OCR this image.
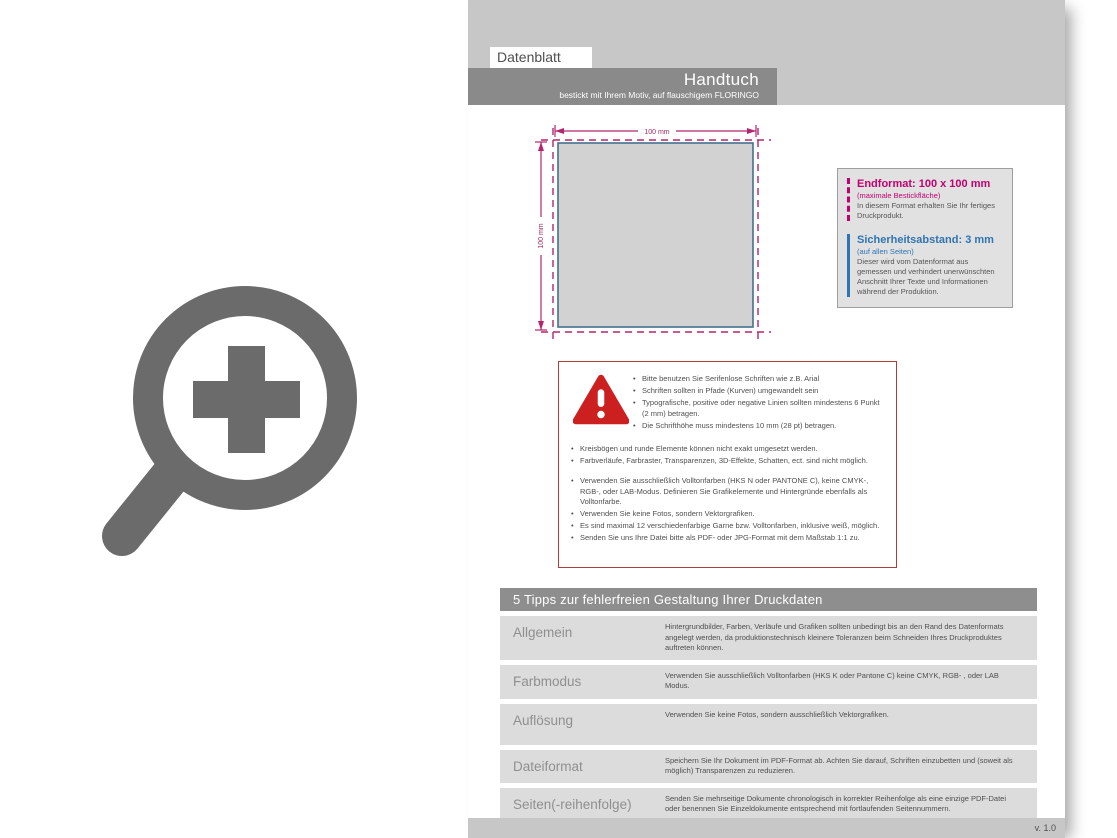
Datenblatt
Handtuch
bestickt mit Ihrem Motiv, auf flauschigem FLORINGO
100 mm
100 mm
Endformat: 100 x 100 mm
(maximale Bestickfläche)
In diesem Format erhalten Sie Ihr fertiges Druckprodukt.
Sicherheitsabstand: 3 mm
(auf allen Seiten)
Dieser wird vom Datenformat aus gemessen und verhindert unerwünschten Anschnitt Ihrer Texte und Informationen während der Produktion.
• Bitte benutzen Sie Serifenlose Schriften wie z.B. Arial
• Schriften sollten in Pfade (Kurven) umgewandelt sein
• Typografische, positive oder negative Linien sollten mindestens 6 Punkt (2 mm) betragen.
• Die Schrifthöhe muss mindestens 10 mm (28 pt) betragen.
• Kreisbögen und runde Elemente können nicht exakt umgesetzt werden.
• Farbverläufe, Farbraster, Transparenzen, 3D-Effekte, Schatten, ect. sind nicht möglich.
• Verwenden Sie ausschließlich Volltonfarben (HKS N oder PANTONE C), keine CMYK-, RGB-, oder LAB-Modus. Definieren Sie Grafikelemente und Hintergründe ebenfalls als Volltonfarbe.
• Verwenden Sie keine Fotos, sondern Vektorgrafiken.
• Es sind maximal 12 verschiedenfarbige Garne bzw. Volltonfarben, inklusive weiß, möglich.
• Senden Sie uns Ihre Datei bitte als PDF- oder JPG-Format mit dem Maßstab 1:1 zu.
5 Tipps zur fehlerfreien Gestaltung Ihrer Druckdaten
Allgemein	Hintergrundbilder, Farben, Verläufe und Grafiken sollten unbedingt bis an den Rand des Datenformats angelegt werden, da produktionstechnisch kleinere Toleranzen beim Schneiden Ihres Druckproduktes auftreten können.
Farbmodus	Verwenden Sie ausschließlich Volltonfarben (HKS K oder Pantone C) keine CMYK, RGB- , oder LAB Modus.
Auflösung	Verwenden Sie keine Fotos, sondern ausschließlich Vektorgrafiken.
Dateiformat	Speichern Sie Ihr Dokument im PDF-Format ab. Achten Sie darauf, Schriften einzubetten und (soweit als möglich) Transparenzen zu reduzieren.
Seiten(-reihenfolge)	Senden Sie mehrseitige Dokumente chronologisch in korrekter Reihenfolge als eine einzige PDF-Datei oder benennen Sie Einzeldokumente entsprechend mit fortlaufenden Seitennummern.
v. 1.0
